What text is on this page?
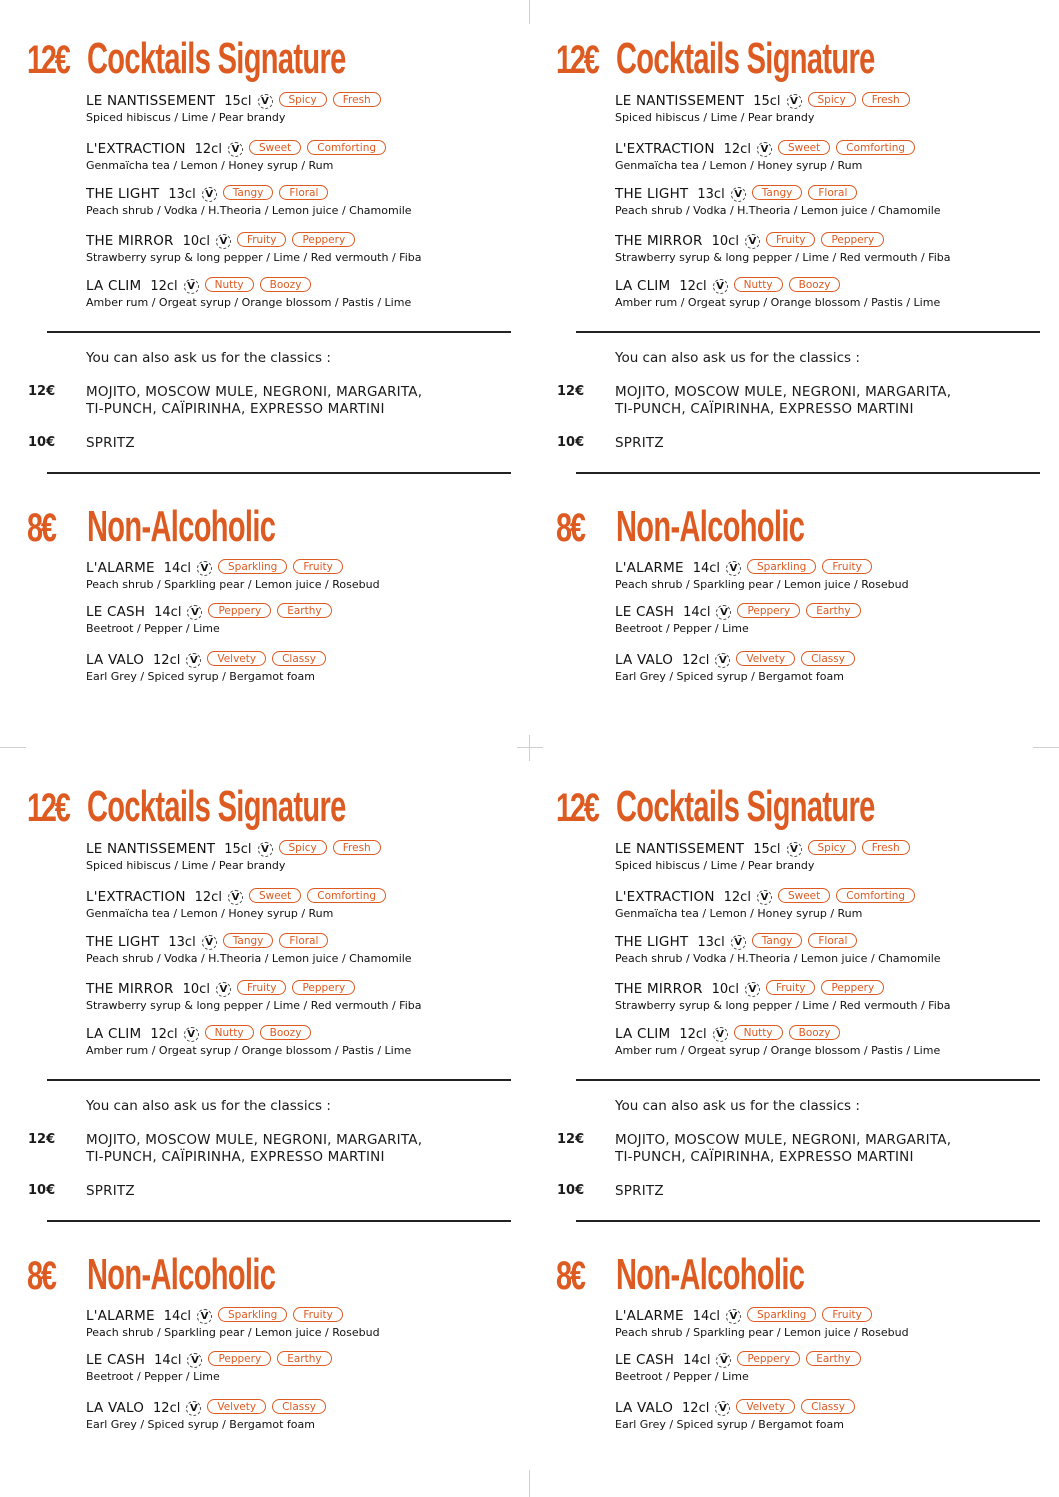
12€ Cocktails Signature
LE NANTISSEMENT 15cl V	Spicy	Fresh
Spiced hibiscus / Lime / Pear brandy
L'EXTRACTION 12cl V	Sweet	Comforting
Genmaïcha tea / Lemon / Honey syrup / Rum
THE LIGHT 13cl V	Tangy	Floral
Peach shrub / Vodka / H.Theoria / Lemon juice / Chamomile
THE MIRROR 10cl V	Fruity	Peppery
Strawberry syrup & long pepper / Lime / Red vermouth / Fiba
LA CLIM 12cl V	Nutty	Boozy
Amber rum / Orgeat syrup / Orange blossom / Pastis / Lime
You can also ask us for the classics :
12€ MOJITO, MOSCOW MULE, NEGRONI, MARGARITA,
TI-PUNCH, CAÏPIRINHA, EXPRESSO MARTINI
10€ SPRITZ
8€ Non-Alcoholic
L'ALARME 14cl V	Sparkling	Fruity
Peach shrub / Sparkling pear / Lemon juice / Rosebud
LE CASH 14cl V	Peppery	Earthy
Beetroot / Pepper / Lime
LA VALO 12cl V	Velvety	Classy
Earl Grey / Spiced syrup / Bergamot foam
12€ Cocktails Signature
LE NANTISSEMENT 15cl V	Spicy	Fresh
Spiced hibiscus / Lime / Pear brandy
L'EXTRACTION 12cl V	Sweet	Comforting
Genmaïcha tea / Lemon / Honey syrup / Rum
THE LIGHT 13cl V	Tangy	Floral
Peach shrub / Vodka / H.Theoria / Lemon juice / Chamomile
THE MIRROR 10cl V	Fruity	Peppery
Strawberry syrup & long pepper / Lime / Red vermouth / Fiba
LA CLIM 12cl V	Nutty	Boozy
Amber rum / Orgeat syrup / Orange blossom / Pastis / Lime
You can also ask us for the classics :
12€ MOJITO, MOSCOW MULE, NEGRONI, MARGARITA,
TI-PUNCH, CAÏPIRINHA, EXPRESSO MARTINI
10€ SPRITZ
8€ Non-Alcoholic
L'ALARME 14cl V	Sparkling	Fruity
Peach shrub / Sparkling pear / Lemon juice / Rosebud
LE CASH 14cl V	Peppery	Earthy
Beetroot / Pepper / Lime
LA VALO 12cl V	Velvety	Classy
Earl Grey / Spiced syrup / Bergamot foam
12€ Cocktails Signature
LE NANTISSEMENT 15cl V	Spicy	Fresh
Spiced hibiscus / Lime / Pear brandy
L'EXTRACTION 12cl V	Sweet	Comforting
Genmaïcha tea / Lemon / Honey syrup / Rum
THE LIGHT 13cl V	Tangy	Floral
Peach shrub / Vodka / H.Theoria / Lemon juice / Chamomile
THE MIRROR 10cl V	Fruity	Peppery
Strawberry syrup & long pepper / Lime / Red vermouth / Fiba
LA CLIM 12cl V	Nutty	Boozy
Amber rum / Orgeat syrup / Orange blossom / Pastis / Lime
You can also ask us for the classics :
12€ MOJITO, MOSCOW MULE, NEGRONI, MARGARITA,
TI-PUNCH, CAÏPIRINHA, EXPRESSO MARTINI
10€ SPRITZ
8€ Non-Alcoholic
L'ALARME 14cl V	Sparkling	Fruity
Peach shrub / Sparkling pear / Lemon juice / Rosebud
LE CASH 14cl V	Peppery	Earthy
Beetroot / Pepper / Lime
LA VALO 12cl V	Velvety	Classy
Earl Grey / Spiced syrup / Bergamot foam
12€ Cocktails Signature
LE NANTISSEMENT 15cl V	Spicy	Fresh
Spiced hibiscus / Lime / Pear brandy
L'EXTRACTION 12cl V	Sweet	Comforting
Genmaïcha tea / Lemon / Honey syrup / Rum
THE LIGHT 13cl V	Tangy	Floral
Peach shrub / Vodka / H.Theoria / Lemon juice / Chamomile
THE MIRROR 10cl V	Fruity	Peppery
Strawberry syrup & long pepper / Lime / Red vermouth / Fiba
LA CLIM 12cl V	Nutty	Boozy
Amber rum / Orgeat syrup / Orange blossom / Pastis / Lime
You can also ask us for the classics :
12€ MOJITO, MOSCOW MULE, NEGRONI, MARGARITA,
TI-PUNCH, CAÏPIRINHA, EXPRESSO MARTINI
10€ SPRITZ
8€ Non-Alcoholic
L'ALARME 14cl V	Sparkling	Fruity
Peach shrub / Sparkling pear / Lemon juice / Rosebud
LE CASH 14cl V	Peppery	Earthy
Beetroot / Pepper / Lime
LA VALO 12cl V	Velvety	Classy
Earl Grey / Spiced syrup / Bergamot foam
